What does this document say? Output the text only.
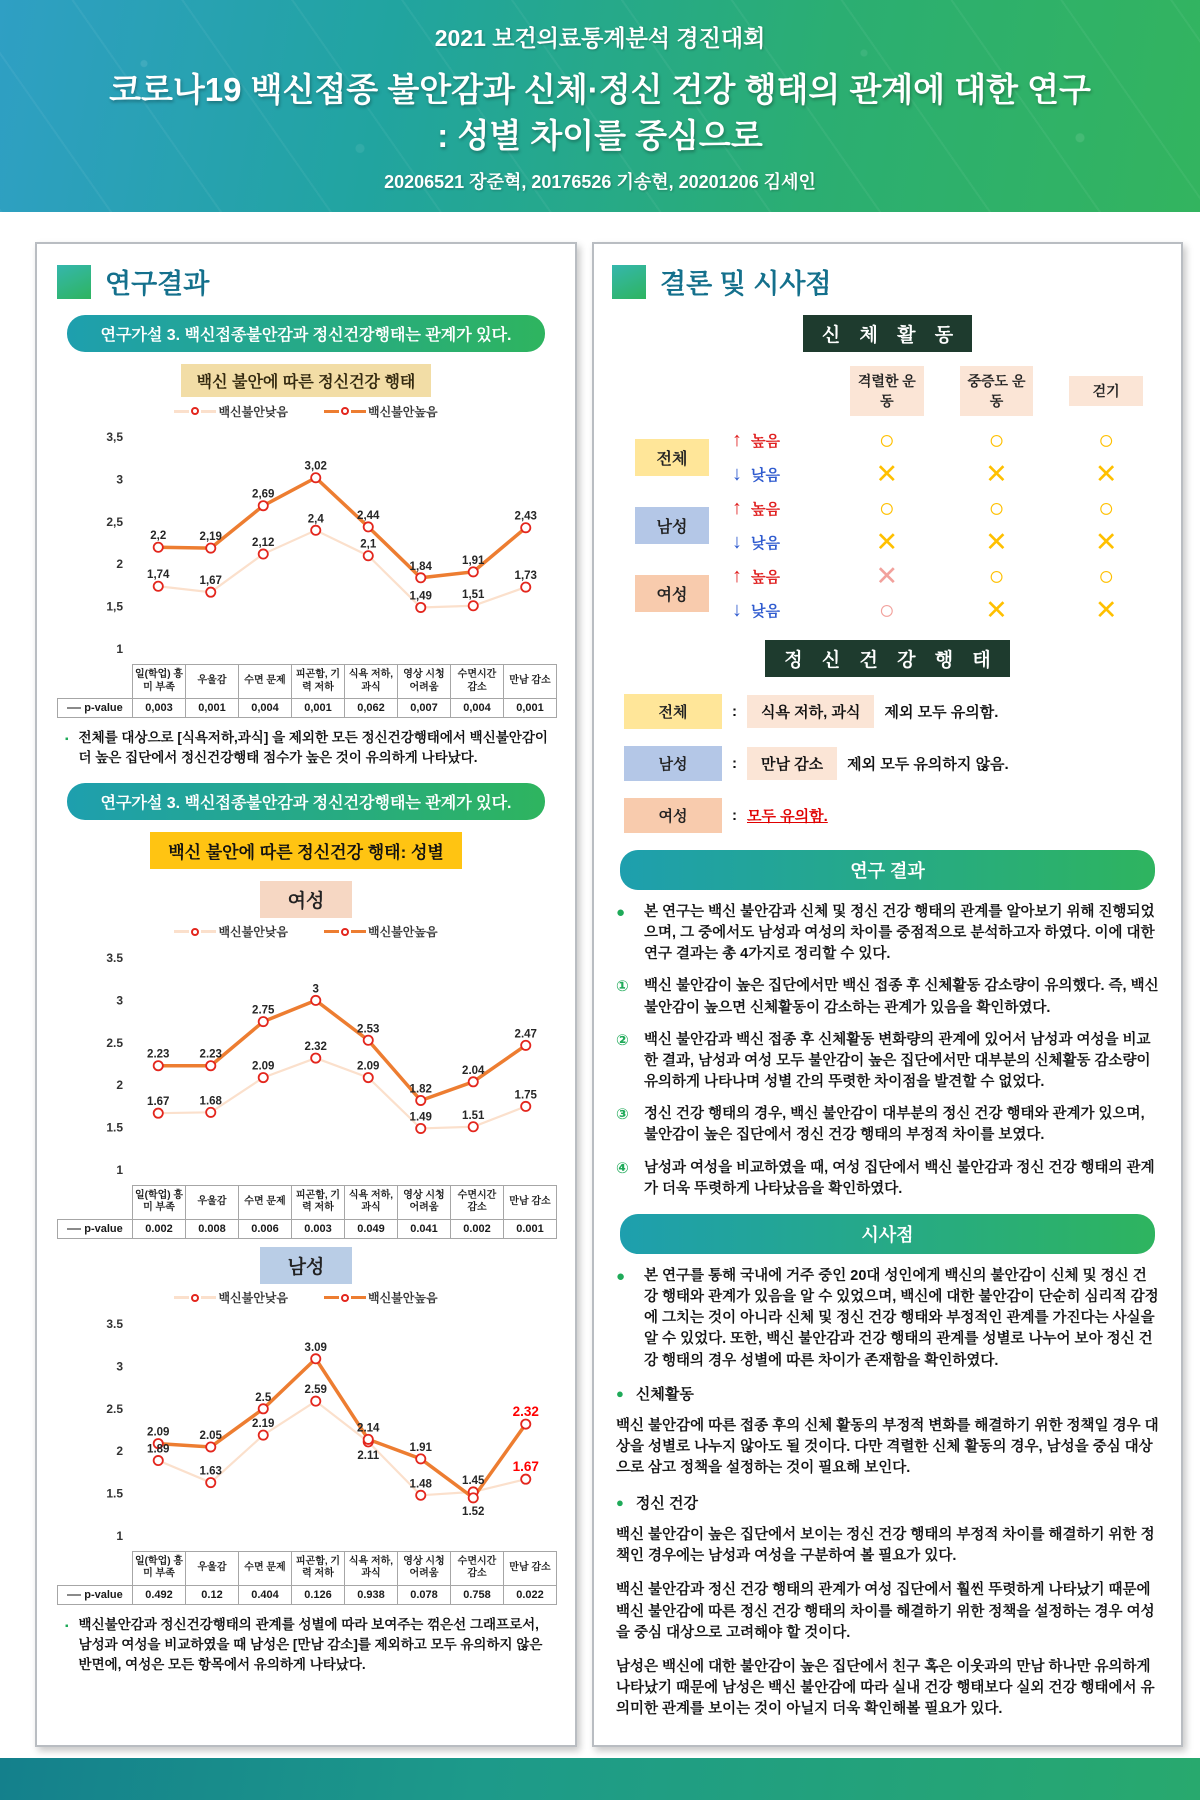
2021 보건의료통계분석 경진대회
코로나19 백신접종 불안감과 신체·정신 건강 행태의 관계에 대한 연구
: 성별 차이를 중심으로
20206521 장준혁, 20176526 기송현, 20201206 김세인
연구결과
연구가설 3. 백신접종불안감과 정신건강행태는 관계가 있다.
백신 불안에 따른 정신건강 행태
백신불안낮음	백신불안높음
3,5
3
2,5
2
1,5
1
2,2
1,74
2,19
1,67
2,69
2,12
3,02
2,4	2,44
2,1
1,84
1,49
1,91
1,51
2,43
1,73
	일(학업) 흥미 부족	우울감	수면 문제	피곤함, 기력 저하	식욕 저하, 과식	영상 시청 어려움	수면시간 감소	만남 감소
p-value	0,003	0,001	0,004	0,001	0,062	0,007	0,004	0,001
▪ 전체를 대상으로 [식욕저하,과식] 을 제외한 모든 정신건강행태에서 백신불안감이 더 높은 집단에서 정신건강행태 점수가 높은 것이 유의하게 나타났다.
연구가설 3. 백신접종불안감과 정신건강행태는 관계가 있다.
백신 불안에 따른 정신건강 행태: 성별
여성
백신불안낮음	백신불안높음
3.5
3
2.5
2
1.5
1
2.23
1.67
2.23
1.68
2.75
2.09
3
2.32
2.53
2.09
1.82
1.49
2.04
1.51
2.47
1.75
	일(학업) 흥미 부족	우울감	수면 문제	피곤함, 기력 저하	식욕 저하, 과식	영상 시청 어려움	수면시간 감소	만남 감소
p-value	0.002	0.008	0.006	0.003	0.049	0.041	0.002	0.001
남성
백신불안낮음	백신불안높음
3.5
3
2.5
2
1.5
1
2.09
1.89
2.05
1.63
2.5
2.19
3.09
2.59
2.14
2.11
1.91
1.48	1.45
1.52
2.32
1.67
	일(학업) 흥미 부족	우울감	수면 문제	피곤함, 기력 저하	식욕 저하, 과식	영상 시청 어려움	수면시간 감소	만남 감소
p-value	0.492	0.12	0.404	0.126	0.938	0.078	0.758	0.022
▪ 백신불안감과 정신건강행태의 관계를 성별에 따라 보여주는 꺾은선 그래프로서, 남성과 여성을 비교하였을 때 남성은 [만남 감소]를 제외하고 모두 유의하지 않은 반면에, 여성은 모든 항목에서 유의하게 나타났다.
결론 및 시사점
신 체 활 동
격렬한 운동
중증도 운동
걷기
전체
↑ 높음	○	○	○
↓ 낮음	✕	✕	✕
남성
↑ 높음	○	○	○
↓ 낮음	✕	✕	✕
여성
↑ 높음	✕	○	○
↓ 낮음	○	✕	✕
정 신 건 강 행 태
전체	:	식욕 저하, 과식	제외 모두 유의함.
남성	:	만남 감소	제외 모두 유의하지 않음.
여성	: 모두 유의함.
연구 결과
●	본 연구는 백신 불안감과 신체 및 정신 건강 행태의 관계를 알아보기 위해 진행되었으며, 그 중에서도 남성과 여성의 차이를 중점적으로 분석하고자 하였다. 이에 대한 연구 결과는 총 4가지로 정리할 수 있다.
①	백신 불안감이 높은 집단에서만 백신 접종 후 신체활동 감소량이 유의했다. 즉, 백신 불안감이 높으면 신체활동이 감소하는 관계가 있음을 확인하였다.
②	백신 불안감과 백신 접종 후 신체활동 변화량의 관계에 있어서 남성과 여성을 비교한 결과, 남성과 여성 모두 불안감이 높은 집단에서만 대부분의 신체활동 감소량이 유의하게 나타나며 성별 간의 뚜렷한 차이점을 발견할 수 없었다.
③	정신 건강 행태의 경우, 백신 불안감이 대부분의 정신 건강 행태와 관계가 있으며, 불안감이 높은 집단에서 정신 건강 행태의 부정적 차이를 보였다.
④	남성과 여성을 비교하였을 때, 여성 집단에서 백신 불안감과 정신 건강 행태의 관계가 더욱 뚜렷하게 나타났음을 확인하였다.
시사점
●	본 연구를 통해 국내에 거주 중인 20대 성인에게 백신의 불안감이 신체 및 정신 건강 행태와 관계가 있음을 알 수 있었으며, 백신에 대한 불안감이 단순히 심리적 감정에 그치는 것이 아니라 신체 및 정신 건강 행태와 부정적인 관계를 가진다는 사실을 알 수 있었다. 또한, 백신 불안감과 건강 행태의 관계를 성별로 나누어 보아 정신 건강 행태의 경우 성별에 따른 차이가 존재함을 확인하였다.
● 신체활동
백신 불안감에 따른 접종 후의 신체 활동의 부정적 변화를 해결하기 위한 정책일 경우 대상을 성별로 나누지 않아도 될 것이다. 다만 격렬한 신체 활동의 경우, 남성을 중심 대상으로 삼고 정책을 설정하는 것이 필요해 보인다.
● 정신 건강
백신 불안감이 높은 집단에서 보이는 정신 건강 행태의 부정적 차이를 해결하기 위한 정책인 경우에는 남성과 여성을 구분하여 볼 필요가 있다.
백신 불안감과 정신 건강 행태의 관계가 여성 집단에서 훨씬 뚜렷하게 나타났기 때문에 백신 불안감에 따른 정신 건강 행태의 차이를 해결하기 위한 정책을 설정하는 경우 여성을 중심 대상으로 고려해야 할 것이다.
남성은 백신에 대한 불안감이 높은 집단에서 친구 혹은 이웃과의 만남 하나만 유의하게 나타났기 때문에 남성은 백신 불안감에 따라 실내 건강 행태보다 실외 건강 행태에서 유의미한 관계를 보이는 것이 아닐지 더욱 확인해볼 필요가 있다.
